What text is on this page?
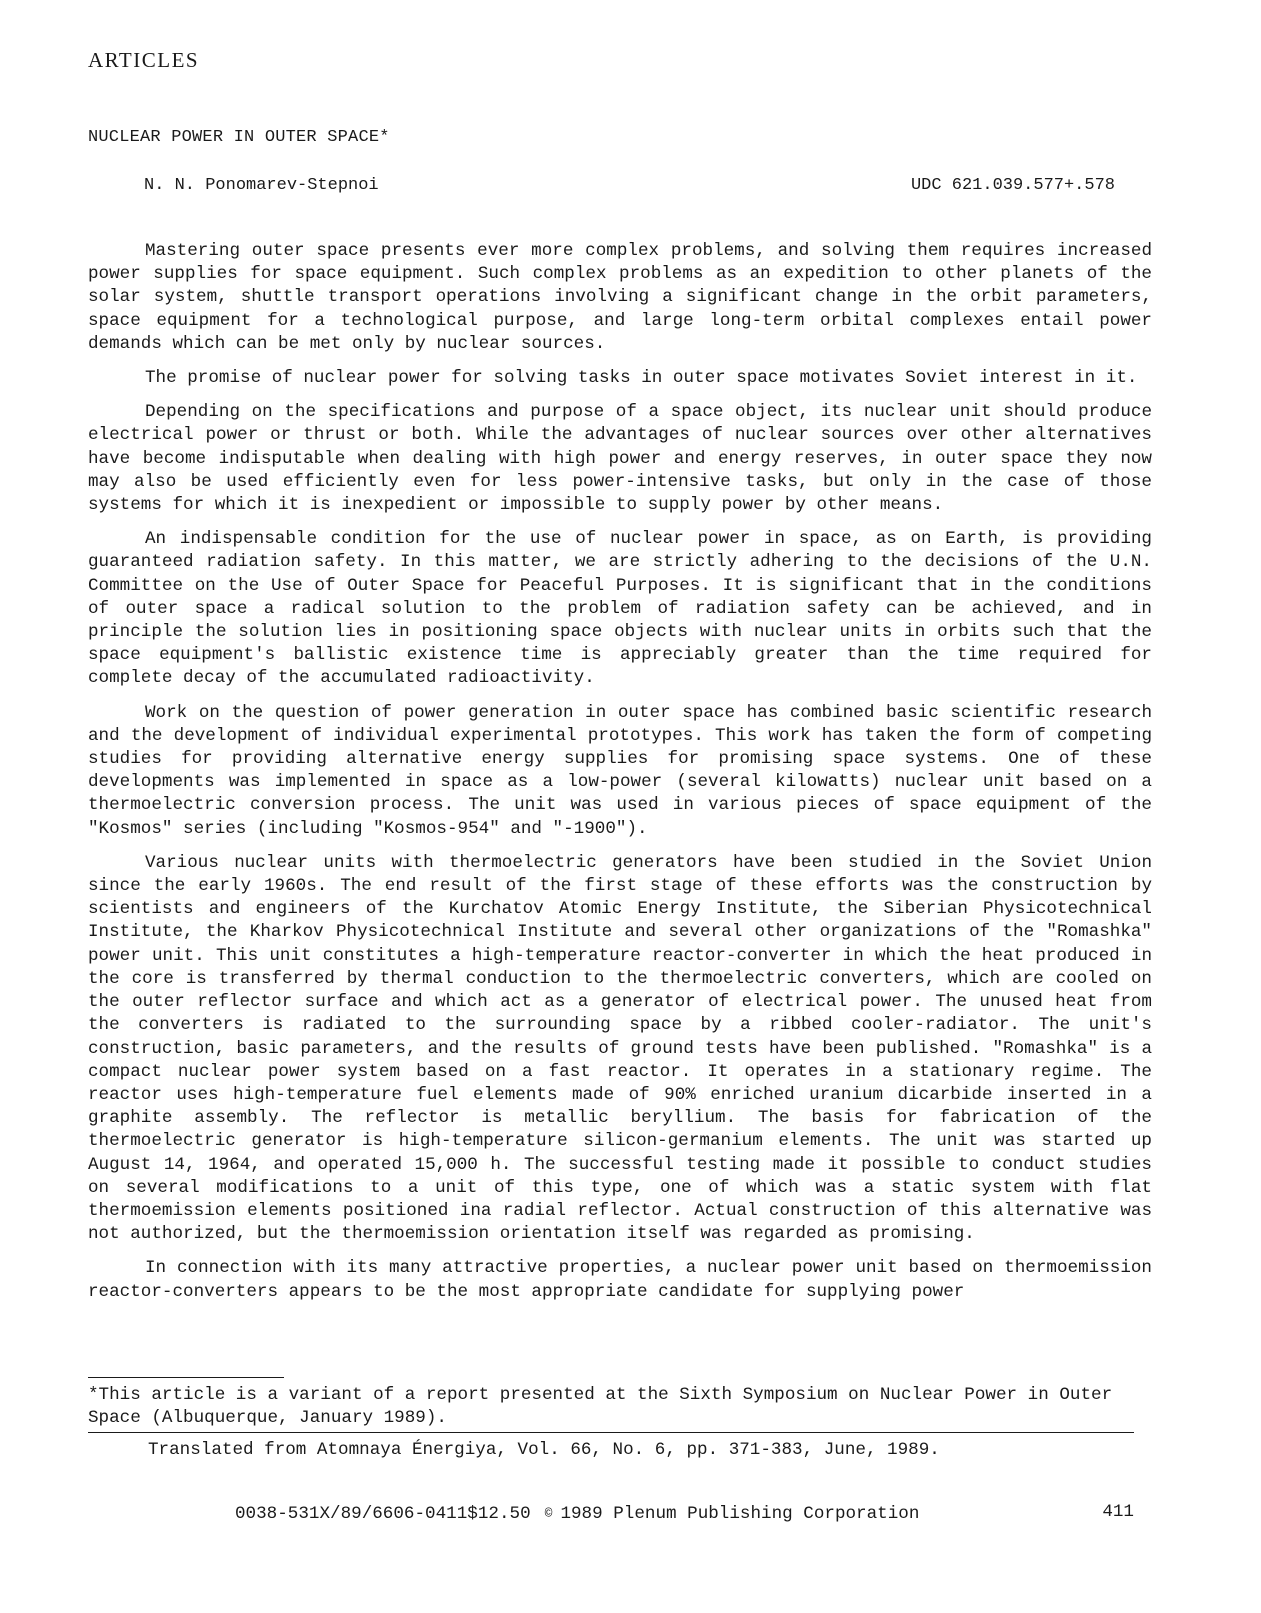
ARTICLES
NUCLEAR POWER IN OUTER SPACE*
N. N. Ponomarev-Stepnoi	UDC 621.039.577+.578

Mastering outer space presents ever more complex problems, and solving them requires increased power supplies for space equipment. Such complex problems as an expedition to other planets of the solar system, shuttle transport operations involving a significant change in the orbit parameters, space equipment for a technological purpose, and large long-term orbital complexes entail power demands which can be met only by nuclear sources.

The promise of nuclear power for solving tasks in outer space motivates Soviet interest in it.

Depending on the specifications and purpose of a space object, its nuclear unit should produce electrical power or thrust or both. While the advantages of nuclear sources over other alternatives have become indisputable when dealing with high power and energy reserves, in outer space they now may also be used efficiently even for less power-intensive tasks, but only in the case of those systems for which it is inexpedient or impossible to supply power by other means.

An indispensable condition for the use of nuclear power in space, as on Earth, is providing guaranteed radiation safety. In this matter, we are strictly adhering to the decisions of the U.N. Committee on the Use of Outer Space for Peaceful Purposes. It is significant that in the conditions of outer space a radical solution to the problem of radiation safety can be achieved, and in principle the solution lies in positioning space objects with nuclear units in orbits such that the space equipment's ballistic existence time is appreciably greater than the time required for complete decay of the accumulated radioactivity.

Work on the question of power generation in outer space has combined basic scientific research and the development of individual experimental prototypes. This work has taken the form of competing studies for providing alternative energy supplies for promising space systems. One of these developments was implemented in space as a low-power (several kilowatts) nuclear unit based on a thermoelectric conversion process. The unit was used in various pieces of space equipment of the "Kosmos" series (including "Kosmos-954" and "-1900").

Various nuclear units with thermoelectric generators have been studied in the Soviet Union since the early 1960s. The end result of the first stage of these efforts was the construction by scientists and engineers of the Kurchatov Atomic Energy Institute, the Siberian Physicotechnical Institute, the Kharkov Physicotechnical Institute and several other organizations of the "Romashka" power unit. This unit constitutes a high-temperature reactor-converter in which the heat produced in the core is transferred by thermal conduction to the thermoelectric converters, which are cooled on the outer reflector surface and which act as a generator of electrical power. The unused heat from the converters is radiated to the surrounding space by a ribbed cooler-radiator. The unit's construction, basic parameters, and the results of ground tests have been published. "Romashka" is a compact nuclear power system based on a fast reactor. It operates in a stationary regime. The reactor uses high-temperature fuel elements made of 90% enriched uranium dicarbide inserted in a graphite assembly. The reflector is metallic beryllium. The basis for fabrication of the thermoelectric generator is high-temperature silicon-germanium elements. The unit was started up August 14, 1964, and operated 15,000 h. The successful testing made it possible to conduct studies on several modifications to a unit of this type, one of which was a static system with flat thermoemission elements positioned ina radial reflector. Actual construction of this alternative was not authorized, but the thermoemission orientation itself was regarded as promising.

In connection with its many attractive properties, a nuclear power unit based on thermoemission reactor-converters appears to be the most appropriate candidate for supplying power

*This article is a variant of a report presented at the Sixth Symposium on Nuclear Power in Outer Space (Albuquerque, January 1989).

Translated from Atomnaya Énergiya, Vol. 66, No. 6, pp. 371-383, June, 1989.
0038-531X/89/6606-0411$12.50 © 1989 Plenum Publishing Corporation	411
